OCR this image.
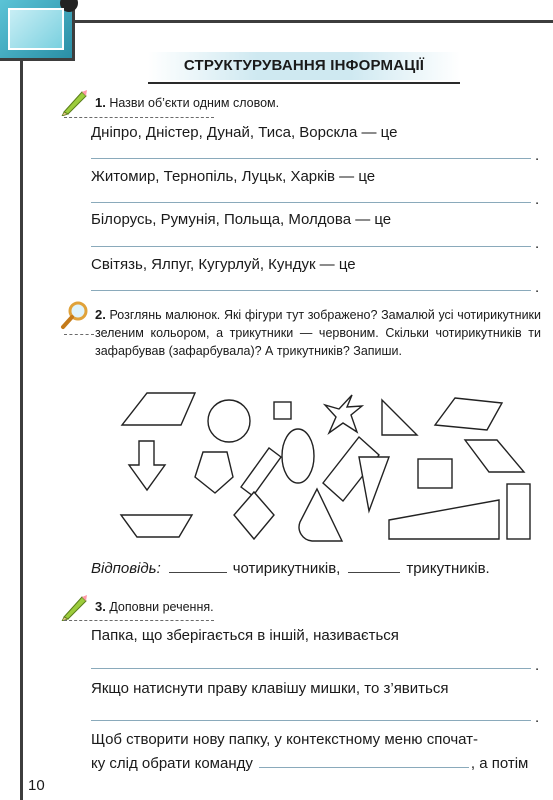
СТРУКТУРУВАННЯ ІНФОРМАЦІЇ
1. Назви об’єкти одним словом.
Дніпро, Дністер, Дунай, Тиса, Ворскла — це
.
Житомир, Тернопіль, Луцьк, Харків — це
.
Білорусь, Румунія, Польща, Молдова — це
.
Світязь, Ялпуг, Кугурлуй, Кундук — це
.
2. Розглянь малюнок. Які фігури тут зображено? Замалюй усі чотирикутники зеленим кольором, а трикутники — червоним. Скільки чотирикутників ти зафарбував (зафарбувала)? А трикутників? Запиши.
Відповідь:	чотирикутників,	трикутників.
3. Доповни речення.
Папка, що зберігається в іншій, називається
.
Якщо натиснути праву клавішу мишки, то з’явиться
.
Щоб створити нову папку, у контекстному меню спочат-
ку слід обрати команду	, а потім
10
